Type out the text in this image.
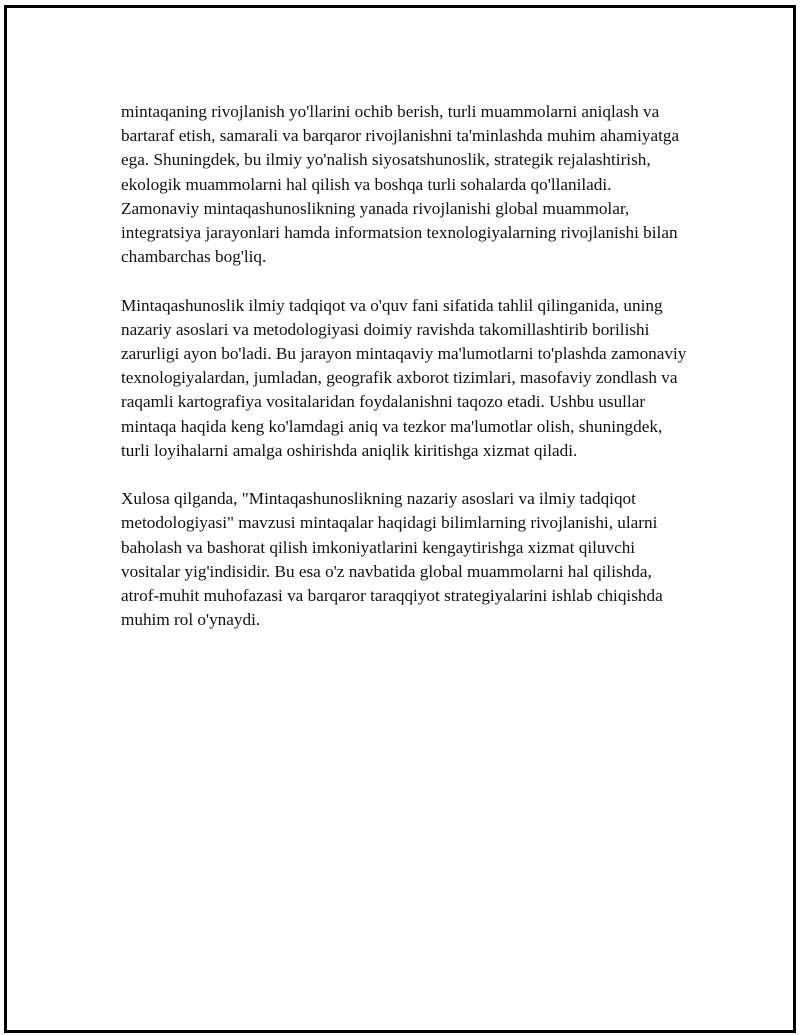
mintaqaning rivojlanish yo'llarini ochib berish, turli muammolarni aniqlash va bartaraf etish, samarali va barqaror rivojlanishni ta'minlashda muhim ahamiyatga ega. Shuningdek, bu ilmiy yo'nalish siyosatshunoslik, strategik rejalashtirish, ekologik muammolarni hal qilish va boshqa turli sohalarda qo'llaniladi. Zamonaviy mintaqashunoslikning yanada rivojlanishi global muammolar, integratsiya jarayonlari hamda informatsion texnologiyalarning rivojlanishi bilan chambarchas bog'liq.

Mintaqashunoslik ilmiy tadqiqot va o'quv fani sifatida tahlil qilinganida, uning nazariy asoslari va metodologiyasi doimiy ravishda takomillashtirib borilishi zarurligi ayon bo'ladi. Bu jarayon mintaqaviy ma'lumotlarni to'plashda zamonaviy texnologiyalardan, jumladan, geografik axborot tizimlari, masofaviy zondlash va raqamli kartografiya vositalaridan foydalanishni taqozo etadi. Ushbu usullar mintaqa haqida keng ko'lamdagi aniq va tezkor ma'lumotlar olish, shuningdek, turli loyihalarni amalga oshirishda aniqlik kiritishga xizmat qiladi.

Xulosa qilganda, "Mintaqashunoslikning nazariy asoslari va ilmiy tadqiqot metodologiyasi" mavzusi mintaqalar haqidagi bilimlarning rivojlanishi, ularni baholash va bashorat qilish imkoniyatlarini kengaytirishga xizmat qiluvchi vositalar yig'indisidir. Bu esa o'z navbatida global muammolarni hal qilishda, atrof-muhit muhofazasi va barqaror taraqqiyot strategiyalarini ishlab chiqishda muhim rol o'ynaydi.
